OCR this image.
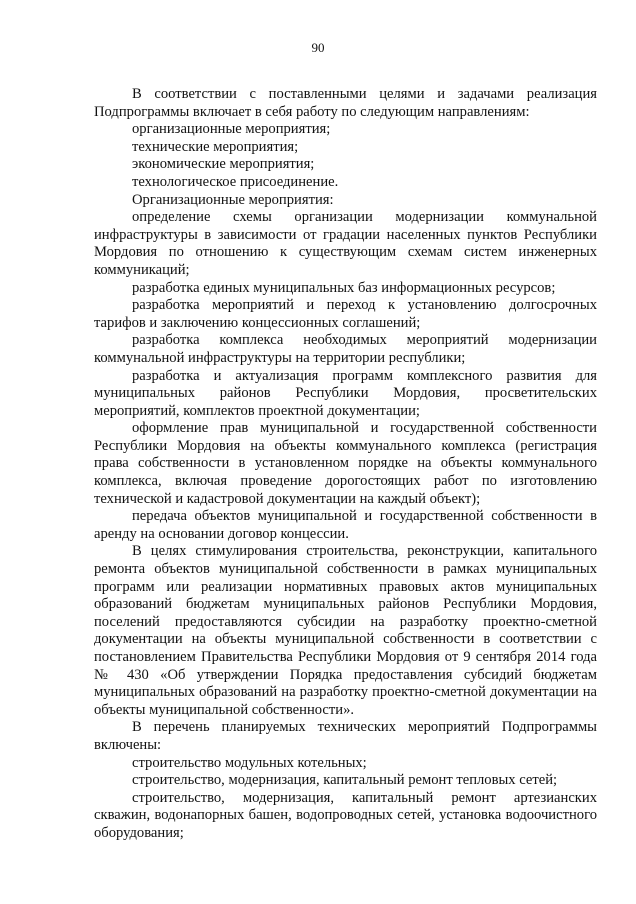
90

В соответствии с поставленными целями и задачами реализация Подпрограммы включает в себя работу по следующим направлениям:

организационные мероприятия;

технические мероприятия;

экономические мероприятия;

технологическое присоединение.

Организационные мероприятия:

определение схемы организации модернизации коммунальной инфраструктуры в зависимости от градации населенных пунктов Республики Мордовия по отношению к существующим схемам систем инженерных коммуникаций;

разработка единых муниципальных баз информационных ресурсов;

разработка мероприятий и переход к установлению долгосрочных тарифов и заключению концессионных соглашений;

разработка комплекса необходимых мероприятий модернизации коммунальной инфраструктуры на территории республики;

разработка и актуализация программ комплексного развития для муниципальных районов Республики Мордовия, просветительских мероприятий, комплектов проектной документации;

оформление прав муниципальной и государственной собственности Республики Мордовия на объекты коммунального комплекса (регистрация права собственности в установленном порядке на объекты коммунального комплекса, включая проведение дорогостоящих работ по изготовлению технической и кадастровой документации на каждый объект);

передача объектов муниципальной и государственной собственности в аренду на основании договор концессии.

В целях стимулирования строительства, реконструкции, капитального ремонта объектов муниципальной собственности в рамках муниципальных программ или реализации нормативных правовых актов муниципальных образований бюджетам муниципальных районов Республики Мордовия, поселений предоставляются субсидии на разработку проектно-сметной документации на объекты муниципальной собственности в соответствии с постановлением Правительства Республики Мордовия от 9 сентября 2014 года № 430 «Об утверждении Порядка предоставления субсидий бюджетам муниципальных образований на разработку проектно-сметной документации на объекты муниципальной собственности».

В перечень планируемых технических мероприятий Подпрограммы включены:

строительство модульных котельных;

строительство, модернизация, капитальный ремонт тепловых сетей;

строительство, модернизация, капитальный ремонт артезианских скважин, водонапорных башен, водопроводных сетей, установка водоочистного оборудования;
